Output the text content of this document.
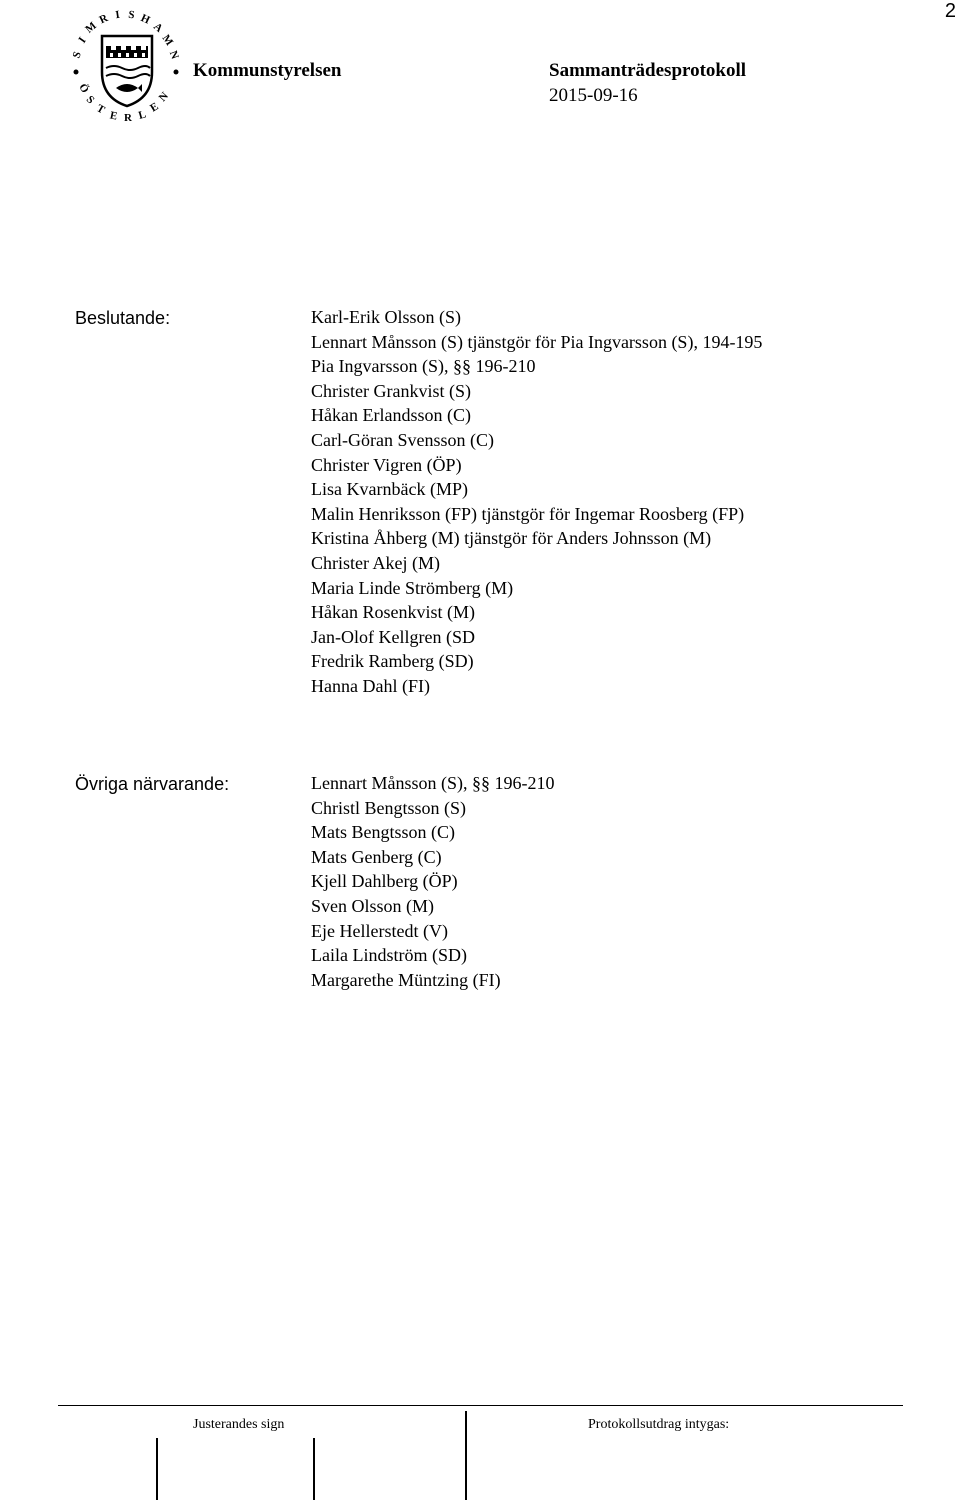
2
S
I
M
R I S H
A
M
N
Ö
S
T E R L
E
N
Kommunstyrelsen	Sammanträdesprotokoll
2015-09-16
Beslutande:	Karl-Erik Olsson (S)
Lennart Månsson (S) tjänstgör för Pia Ingvarsson (S), 194-195
Pia Ingvarsson (S), §§ 196-210
Christer Grankvist (S)
Håkan Erlandsson (C)
Carl-Göran Svensson (C)
Christer Vigren (ÖP)
Lisa Kvarnbäck (MP)
Malin Henriksson (FP) tjänstgör för Ingemar Roosberg (FP)
Kristina Åhberg (M) tjänstgör för Anders Johnsson (M)
Christer Akej (M)
Maria Linde Strömberg (M)
Håkan Rosenkvist (M)
Jan-Olof Kellgren (SD
Fredrik Ramberg (SD)
Hanna Dahl (FI)
Övriga närvarande:	Lennart Månsson (S), §§ 196-210
Christl Bengtsson (S)
Mats Bengtsson (C)
Mats Genberg (C)
Kjell Dahlberg (ÖP)
Sven Olsson (M)
Eje Hellerstedt (V)
Laila Lindström (SD)
Margarethe Müntzing (FI)
Justerandes sign	Protokollsutdrag intygas:
